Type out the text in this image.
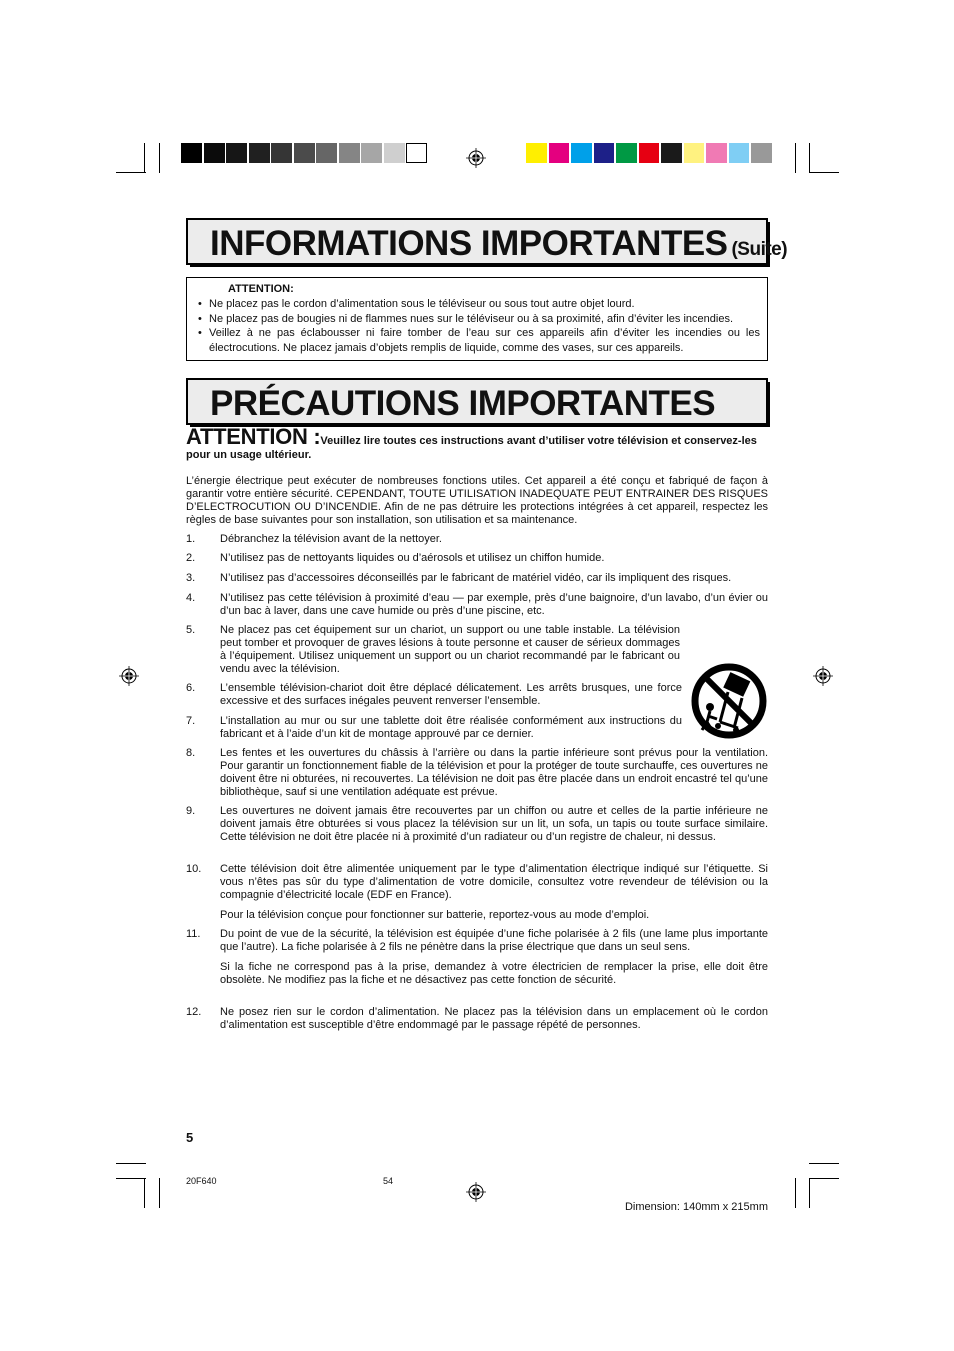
INFORMATIONS IMPORTANTES (Suite)
ATTENTION:
• Ne placez pas le cordon d’alimentation sous le téléviseur ou sous tout autre objet lourd.
• Ne placez pas de bougies ni de flammes nues sur le téléviseur ou à sa proximité, afin d’éviter les incendies.
• Veillez à ne pas éclabousser ni faire tomber de l’eau sur ces appareils afin d’éviter les incendies ou les électrocutions. Ne placez jamais d’objets remplis de liquide, comme des vases, sur ces appareils.
PRÉCAUTIONS IMPORTANTES
ATTENTION :Veuillez lire toutes ces instructions avant d’utiliser votre télévision et conservez-les pour un usage ultérieur.
L’énergie électrique peut exécuter de nombreuses fonctions utiles. Cet appareil a été conçu et fabriqué de façon à garantir votre entière sécurité. CEPENDANT, TOUTE UTILISATION INADEQUATE PEUT ENTRAINER DES RISQUES D’ELECTROCUTION OU D’INCENDIE. Afin de ne pas détruire les protections intégrées à cet appareil, respectez les règles de base suivantes pour son installation, son utilisation et sa maintenance.
1. Débranchez la télévision avant de la nettoyer.
2. N’utilisez pas de nettoyants liquides ou d’aérosols et utilisez un chiffon humide.
3. N’utilisez pas d’accessoires déconseillés par le fabricant de matériel vidéo, car ils impliquent des risques.
4. N’utilisez pas cette télévision à proximité d’eau — par exemple, près d’une baignoire, d’un lavabo, d’un évier ou d’un bac à laver, dans une cave humide ou près d’une piscine, etc.
5. Ne placez pas cet équipement sur un chariot, un support ou une table instable. La télévision peut tomber et provoquer de graves lésions à toute personne et causer de sérieux dommages à l’équipement. Utilisez uniquement un support ou un chariot recommandé par le fabricant ou vendu avec la télévision.
6. L’ensemble télévision-chariot doit être déplacé délicatement. Les arrêts brusques, une force excessive et des surfaces inégales peuvent renverser l’ensemble.
7. L’installation au mur ou sur une tablette doit être réalisée conformément aux instructions du fabricant et à l’aide d’un kit de montage approuvé par ce dernier.
8. Les fentes et les ouvertures du châssis à l’arrière ou dans la partie inférieure sont prévus pour la ventilation. Pour garantir un fonctionnement fiable de la télévision et pour la protéger de toute surchauffe, ces ouvertures ne doivent être ni obturées, ni recouvertes. La télévision ne doit pas être placée dans un endroit encastré tel qu’une bibliothèque, sauf si une ventilation adéquate est prévue.
9. Les ouvertures ne doivent jamais être recouvertes par un chiffon ou autre et celles de la partie inférieure ne doivent jamais être obturées si vous placez la télévision sur un lit, un sofa, un tapis ou toute surface similaire. Cette télévision ne doit être placée ni à proximité d’un radiateur ou d’un registre de chaleur, ni dessus.
10. Cette télévision doit être alimentée uniquement par le type d’alimentation électrique indiqué sur l’étiquette. Si vous n’êtes pas sûr du type d’alimentation de votre domicile, consultez votre revendeur de télévision ou la compagnie d’électricité locale (EDF en France).

Pour la télévision conçue pour fonctionner sur batterie, reportez-vous au mode d’emploi.

11. Du point de vue de la sécurité, la télévision est équipée d’une fiche polarisée à 2 fils (une lame plus importante que l’autre). La fiche polarisée à 2 fils ne pénètre dans la prise électrique que dans un seul sens.

Si la fiche ne correspond pas à la prise, demandez à votre électricien de remplacer la prise, elle doit être obsolète. Ne modifiez pas la fiche et ne désactivez pas cette fonction de sécurité.

12. Ne posez rien sur le cordon d’alimentation. Ne placez pas la télévision dans un emplacement où le cordon d’alimentation est susceptible d’être endommagé par le passage répété de personnes.
5
20F640	54
Dimension: 140mm x 215mm
